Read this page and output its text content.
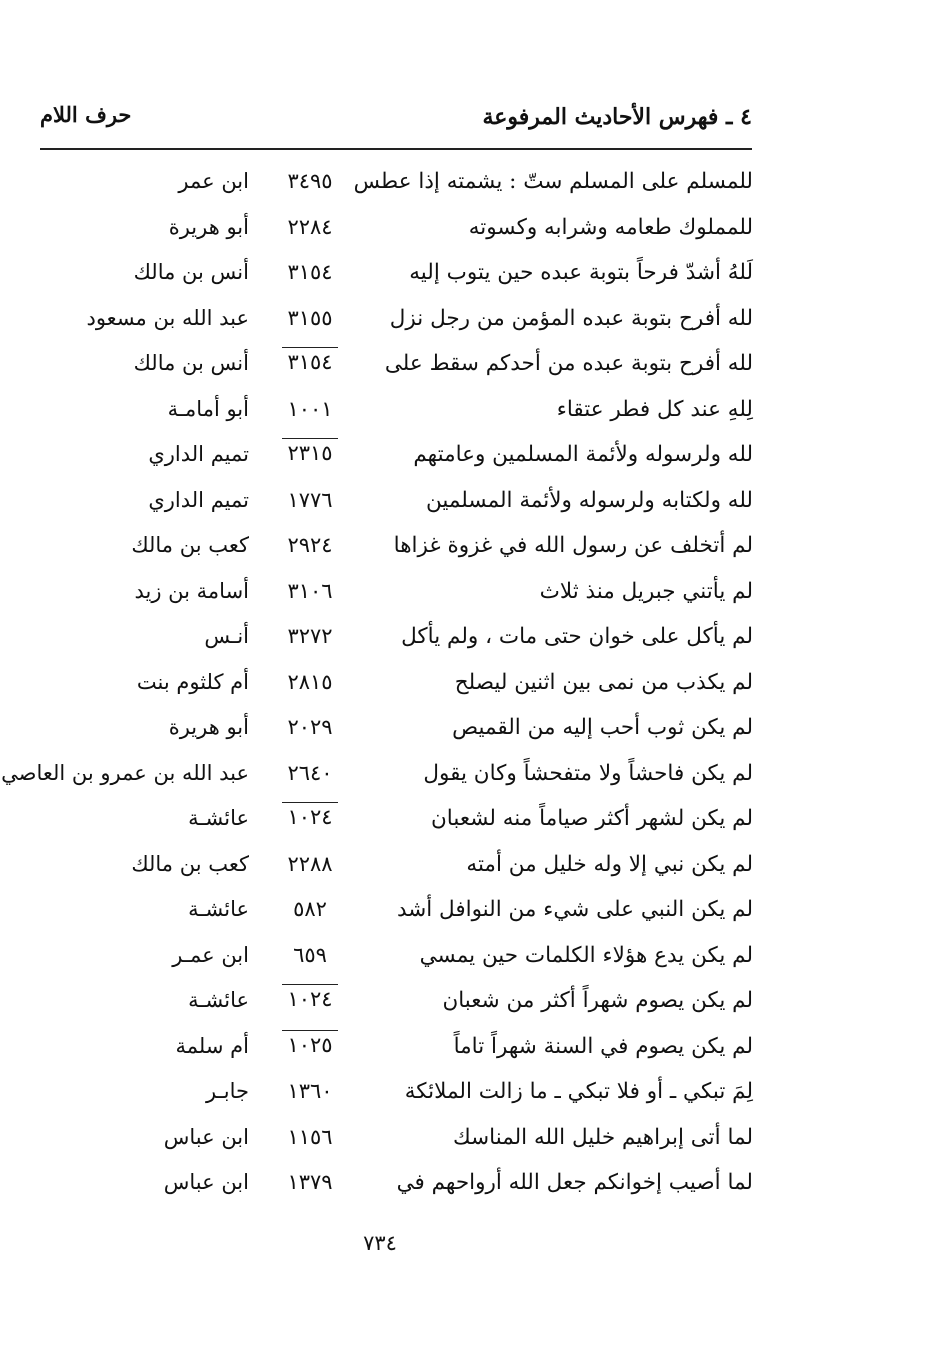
٤ ـ فهرس الأحاديث المرفوعة
حرف اللام
للمسلم على المسلم ستّ : يشمته إذا عطس
٣٤٩٥
ابن عمر
للمملوك طعامه وشرابه وكسوته
٢٢٨٤
أبو هريرة
لَلهُ أشدّ فرحاً بتوبة عبده حين يتوب إليه
٣١٥٤
أنس بن مالك
لله أفرح بتوبة عبده المؤمن من رجل نزل
٣١٥٥
عبد الله بن مسعود
لله أفرح بتوبة عبده من أحدكم سقط على
٣١٥٤
أنس بن مالك
لِلهِ عند كل فطر عتقاء
١٠٠١
أبو أمامـة
لله ولرسوله ولأئمة المسلمين وعامتهم
٢٣١٥
تميم الداري
لله ولكتابه ولرسوله ولأئمة المسلمين
١٧٧٦
تميم الداري
لم أتخلف عن رسول الله في غزوة غزاها
٢٩٢٤
كعب بن مالك
لم يأتني جبريل منذ ثلاث
٣١٠٦
أسامة بن زيد
لم يأكل على خوان حتى مات ، ولم يأكل
٣٢٧٢
أنـس
لم يكذب من نمى بين اثنين ليصلح
٢٨١٥
أم كلثوم بنت
لم يكن ثوب أحب إليه من القميص
٢٠٢٩
أبو هريرة
لم يكن فاحشاً ولا متفحشاً وكان يقول
٢٦٤٠
عبد الله بن عمرو بن العاصي
لم يكن لشهر أكثر صياماً منه لشعبان
١٠٢٤
عائشـة
لم يكن نبي إلا وله خليل من أمته
٢٢٨٨
كعب بن مالك
لم يكن النبي على شيء من النوافل أشد
٥٨٢
عائشـة
لم يكن يدع هؤلاء الكلمات حين يمسي
٦٥٩
ابن عمـر
لم يكن يصوم شهراً أكثر من شعبان
١٠٢٤
عائشـة
لم يكن يصوم في السنة شهراً تاماً
١٠٢٥
أم سلمة
لِمَ تبكي ـ أو فلا تبكي ـ ما زالت الملائكة
١٣٦٠
جابـر
لما أتى إبراهيم خليل الله المناسك
١١٥٦
ابن عباس
لما أصيب إخوانكم جعل الله أرواحهم في
١٣٧٩
ابن عباس
٧٣٤
